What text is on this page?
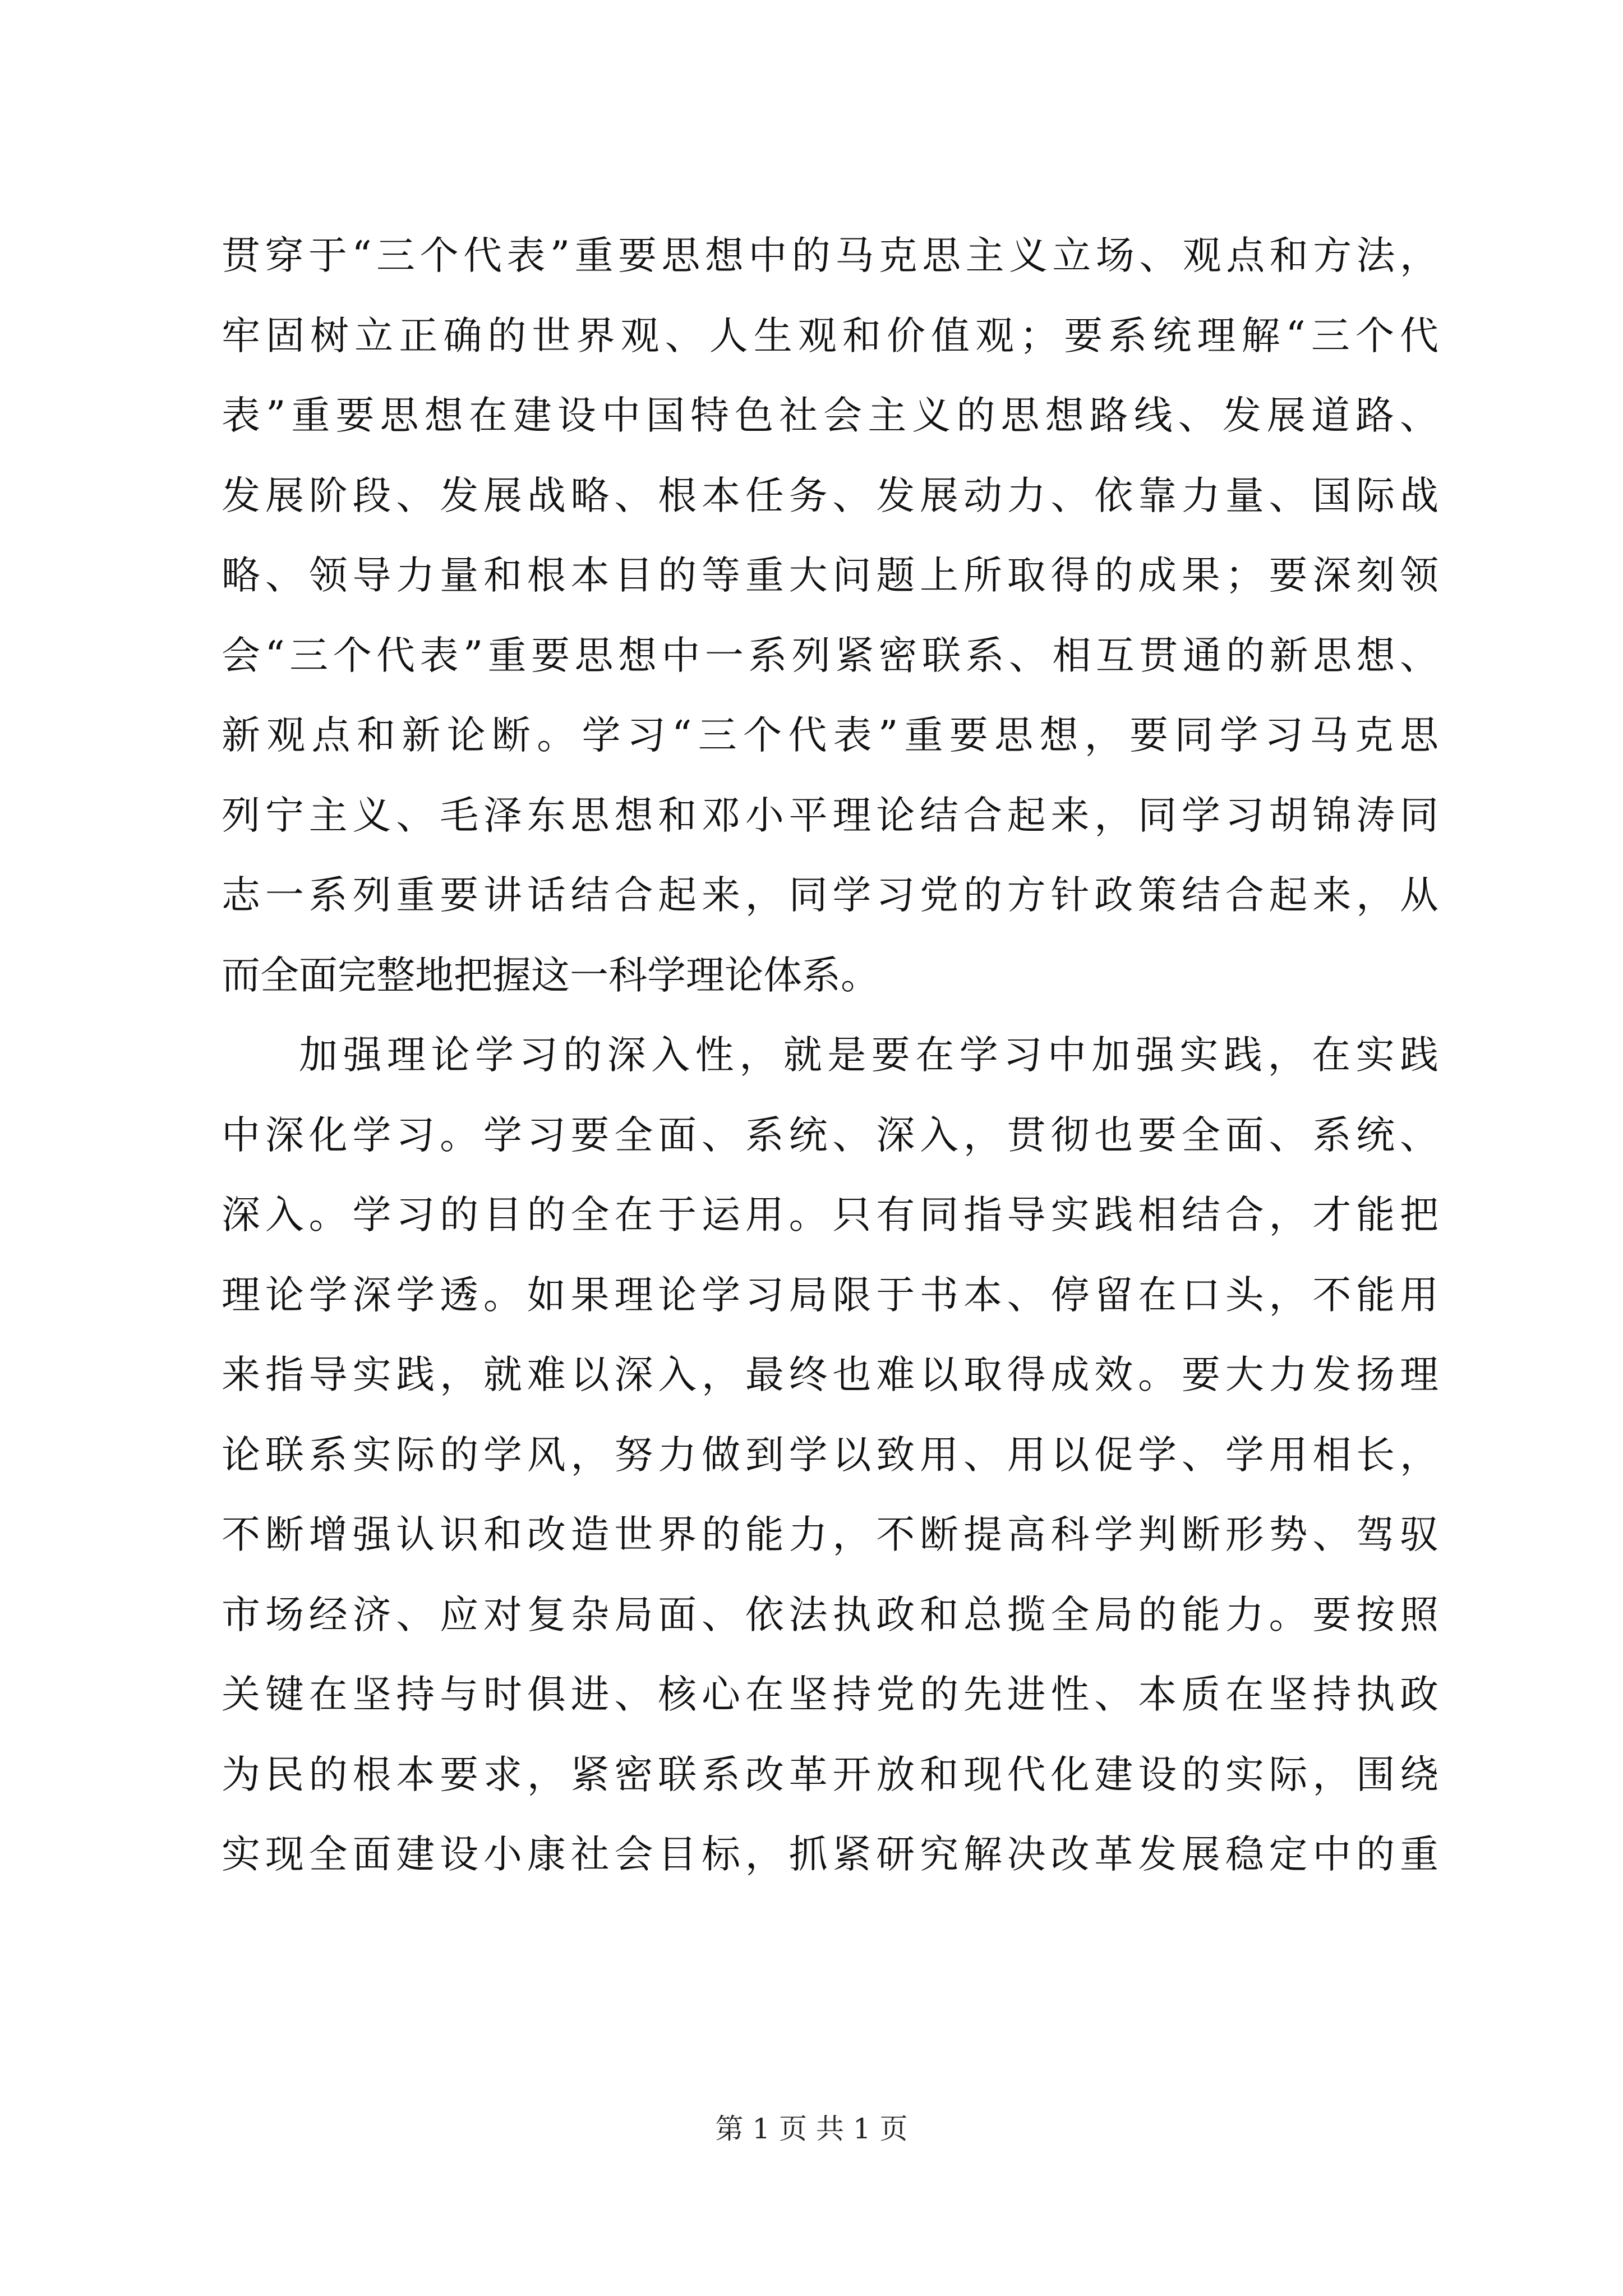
贯穿于“三个代表”重要思想中的马克思主义立场、观点和方法，
牢固树立正确的世界观、人生观和价值观；要系统理解“三个代
表”重要思想在建设中国特色社会主义的思想路线、发展道路、
发展阶段、发展战略、根本任务、发展动力、依靠力量、国际战
略、领导力量和根本目的等重大问题上所取得的成果；要深刻领
会“三个代表”重要思想中一系列紧密联系、相互贯通的新思想、
新观点和新论断。学习“三个代表”重要思想，要同学习马克思
列宁主义、毛泽东思想和邓小平理论结合起来，同学习胡锦涛同
志一系列重要讲话结合起来，同学习党的方针政策结合起来，从
而全面完整地把握这一科学理论体系。
加强理论学习的深入性，就是要在学习中加强实践，在实践
中深化学习。学习要全面、系统、深入，贯彻也要全面、系统、
深入。学习的目的全在于运用。只有同指导实践相结合，才能把
理论学深学透。如果理论学习局限于书本、停留在口头，不能用
来指导实践，就难以深入，最终也难以取得成效。要大力发扬理
论联系实际的学风，努力做到学以致用、用以促学、学用相长，
不断增强认识和改造世界的能力，不断提高科学判断形势、驾驭
市场经济、应对复杂局面、依法执政和总揽全局的能力。要按照
关键在坚持与时俱进、核心在坚持党的先进性、本质在坚持执政
为民的根本要求，紧密联系改革开放和现代化建设的实际，围绕
实现全面建设小康社会目标，抓紧研究解决改革发展稳定中的重
第 1 页 共 1 页
